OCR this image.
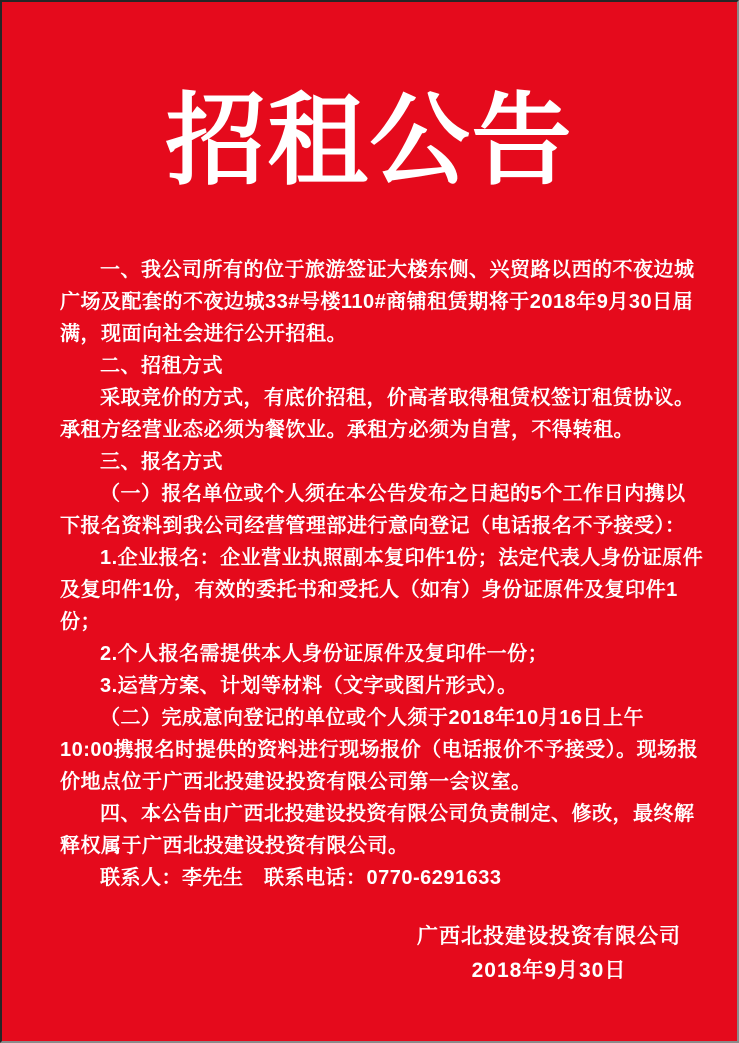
招租公告
一、我公司所有的位于旅游签证大楼东侧、兴贸路以西的不夜边城
广场及配套的不夜边城33#号楼110#商铺租赁期将于2018年9月30日届
满，现面向社会进行公开招租。
二、招租方式
采取竞价的方式，有底价招租，价高者取得租赁权签订租赁协议。
承租方经营业态必须为餐饮业。承租方必须为自营，不得转租。
三、报名方式
（一）报名单位或个人须在本公告发布之日起的5个工作日内携以
下报名资料到我公司经营管理部进行意向登记（电话报名不予接受）：
1.企业报名：企业营业执照副本复印件1份；法定代表人身份证原件
及复印件1份，有效的委托书和受托人（如有）身份证原件及复印件1
份；
2.个人报名需提供本人身份证原件及复印件一份；
3.运营方案、计划等材料（文字或图片形式）。
（二）完成意向登记的单位或个人须于2018年10月16日上午
10:00携报名时提供的资料进行现场报价（电话报价不予接受）。现场报
价地点位于广西北投建设投资有限公司第一会议室。
四、本公告由广西北投建设投资有限公司负责制定、修改，最终解
释权属于广西北投建设投资有限公司。
联系人：李先生　联系电话：0770-6291633
广西北投建设投资有限公司
2018年9月30日
